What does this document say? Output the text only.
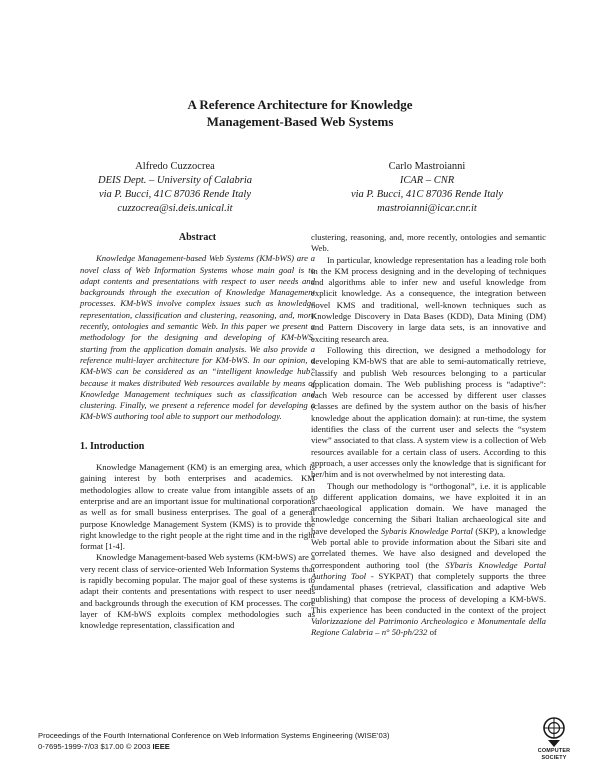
A Reference Architecture for Knowledge
Management-Based Web Systems
Alfredo Cuzzocrea
DEIS Dept. – University of Calabria
via P. Bucci, 41C 87036 Rende Italy
cuzzocrea@si.deis.unical.it
Carlo Mastroianni
ICAR – CNR
via P. Bucci, 41C 87036 Rende Italy
mastroianni@icar.cnr.it
Abstract

Knowledge Management-based Web Systems (KM-bWS) are a novel class of Web Information Systems whose main goal is to adapt contents and presentations with respect to user needs and backgrounds through the execution of Knowledge Management processes. KM-bWS involve complex issues such as knowledge representation, classification and clustering, reasoning, and, more recently, ontologies and semantic Web. In this paper we present a methodology for the designing and developing of KM-bWS, starting from the application domain analysis. We also provide a reference multi-layer architecture for KM-bWS. In our opinion, a KM-bWS can be considered as an “intelligent knowledge hub” because it makes distributed Web resources available by means of Knowledge Management techniques such as classification and clustering. Finally, we present a reference model for developing a KM-bWS authoring tool able to support our methodology.

1. Introduction

Knowledge Management (KM) is an emerging area, which is gaining interest by both enterprises and academics. KM methodologies allow to create value from intangible assets of an enterprise and are an important issue for multinational corporations as well as for small business enterprises. The goal of a general purpose Knowledge Management System (KMS) is to provide the right knowledge to the right people at the right time and in the right format [1-4].

Knowledge Management-based Web systems (KM-bWS) are a very recent class of service-oriented Web Information Systems that is rapidly becoming popular. The major goal of these systems is to adapt their contents and presentations with respect to user needs and backgrounds through the execution of KM processes. The core layer of KM-bWS exploits complex methodologies such as knowledge representation, classification and

clustering, reasoning, and, more recently, ontologies and semantic Web.

In particular, knowledge representation has a leading role both in the KM process designing and in the developing of techniques and algorithms able to infer new and useful knowledge from explicit knowledge. As a consequence, the integration between novel KMS and traditional, well-known techniques such as Knowledge Discovery in Data Bases (KDD), Data Mining (DM) and Pattern Discovery in large data sets, is an innovative and exciting research area.

Following this direction, we designed a methodology for developing KM-bWS that are able to semi-automatically retrieve, classify and publish Web resources belonging to a particular application domain. The Web publishing process is “adaptive”: each Web resource can be accessed by different user classes (classes are defined by the system author on the basis of his/her knowledge about the application domain): at run-time, the system identifies the class of the current user and selects the “system view” associated to that class. A system view is a collection of Web resources available for a certain class of users. According to this approach, a user accesses only the knowledge that is significant for her/him and is not overwhelmed by not interesting data.

Though our methodology is “orthogonal”, i.e. it is applicable to different application domains, we have exploited it in an archaeological application domain. We have managed the knowledge concerning the Sibari Italian archaeological site and have developed the Sybaris Knowledge Portal (SKP), a knowledge Web portal able to provide information about the Sibari site and correlated themes. We have also designed and developed the correspondent authoring tool (the SYbaris Knowledge Portal Authoring Tool - SYKPAT) that completely supports the three fundamental phases (retrieval, classification and adaptive Web publishing) that compose the process of developing a KM-bWS. This experience has been conducted in the context of the project Valorizzazione del Patrimonio Archeologico e Monumentale della Regione Calabria – n° 50-ph/232 of

Proceedings of the Fourth International Conference on Web Information Systems Engineering (WISE’03)
0-7695-1999-7/03 $17.00 © 2003 IEEE	COMPUTER
SOCIETY
